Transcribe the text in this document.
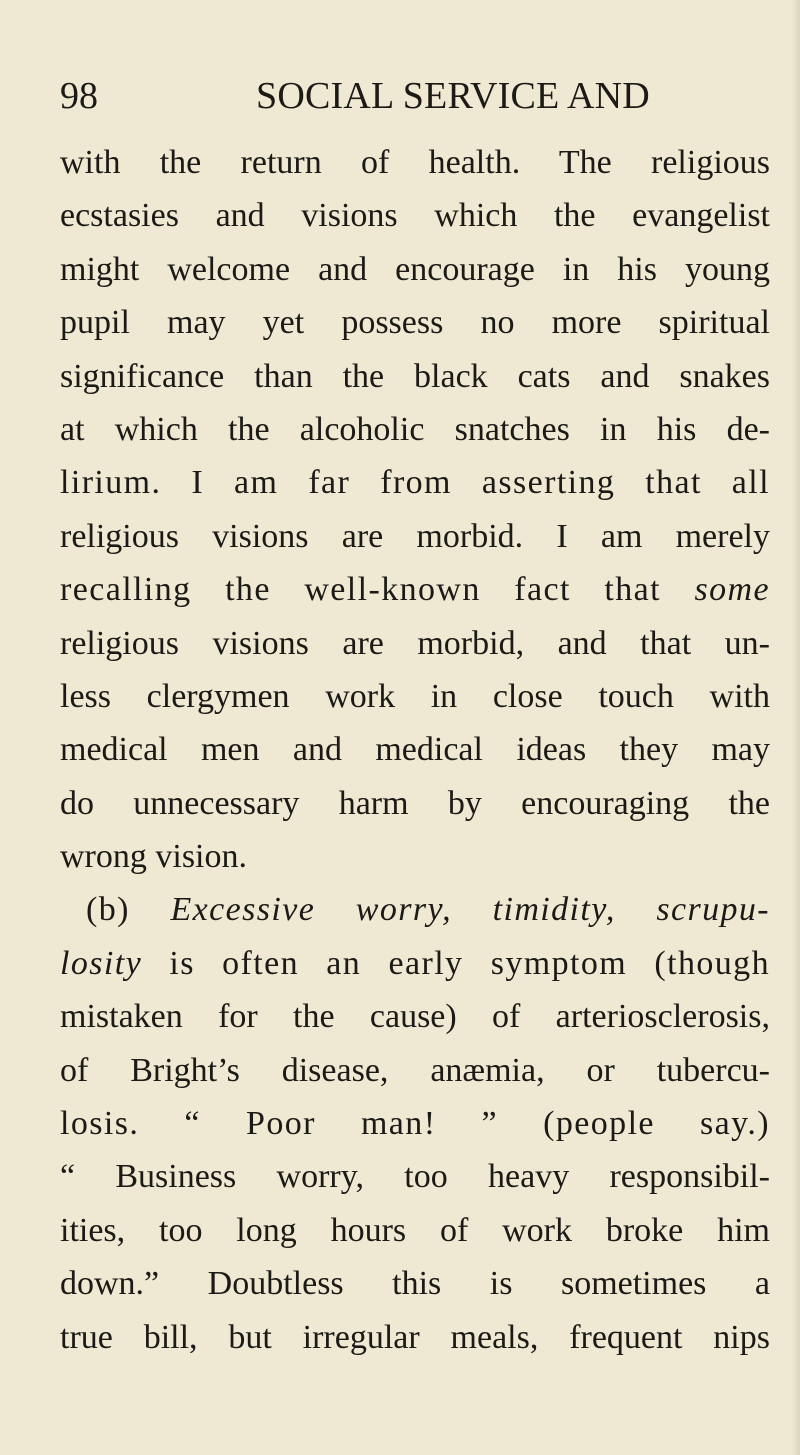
98	SOCIAL SERVICE AND
with the return of health. The religious
ecstasies and visions which the evangelist
might welcome and encourage in his young
pupil may yet possess no more spiritual
significance than the black cats and snakes
at which the alcoholic snatches in his de-
lirium. I am far from asserting that all
religious visions are morbid. I am merely
recalling the well-known fact that some
religious visions are morbid, and that un-
less clergymen work in close touch with
medical men and medical ideas they may
do unnecessary harm by encouraging the
wrong vision.
(b) Excessive worry, timidity, scrupu-
losity is often an early symptom (though
mistaken for the cause) of arteriosclerosis,
of Bright’s disease, anæmia, or tubercu-
losis. “ Poor man! ” (people say.)
“ Business worry, too heavy responsibil-
ities, too long hours of work broke him
down.” Doubtless this is sometimes a
true bill, but irregular meals, frequent nips
